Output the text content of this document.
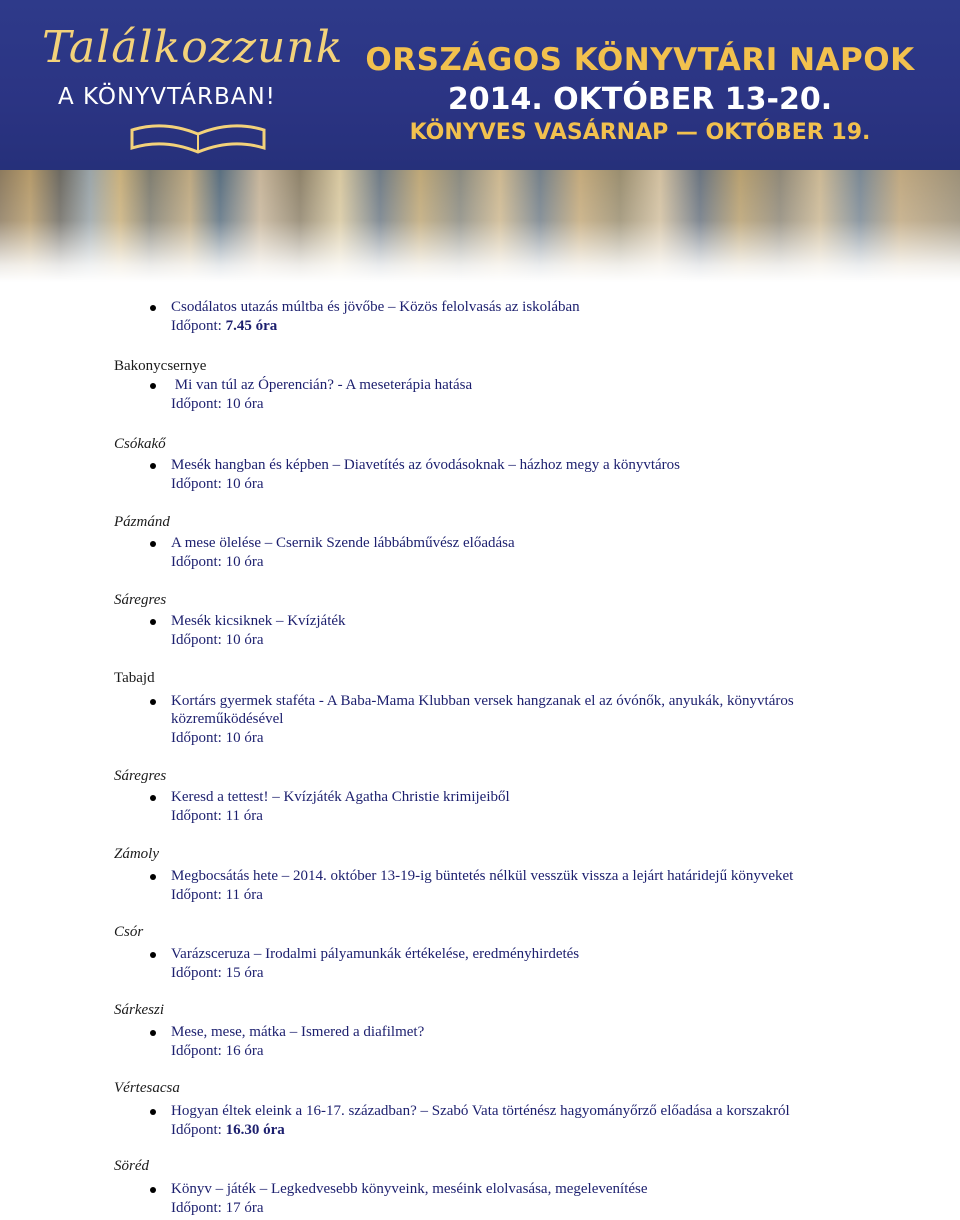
Találkozzunk
A KÖNYVTÁRBAN!
ORSZÁGOS KÖNYVTÁRI NAPOK
2014. OKTÓBER 13-20.
KÖNYVES VASÁRNAP — OKTÓBER 19.
Csodálatos utazás múltba és jövőbe – Közös felolvasás az iskolában
Időpont: 7.45 óra

Bakonycsernye

Mi van túl az Óperencián? - A meseterápia hatása
Időpont: 10 óra

Csókakő

Mesék hangban és képben – Diavetítés az óvodásoknak – házhoz megy a könyvtáros
Időpont: 10 óra

Pázmánd

A mese ölelése – Csernik Szende lábbábművész előadása
Időpont: 10 óra

Sáregres

Mesék kicsiknek – Kvízjáték
Időpont: 10 óra

Tabajd

Kortárs gyermek staféta - A Baba-Mama Klubban versek hangzanak el az óvónők, anyukák, könyvtáros közreműködésével
Időpont: 10 óra

Sáregres

Keresd a tettest! – Kvízjáték Agatha Christie krimijeiből
Időpont: 11 óra

Zámoly

Megbocsátás hete – 2014. október 13-19-ig büntetés nélkül vesszük vissza a lejárt határidejű könyveket
Időpont: 11 óra

Csór

Varázsceruza – Irodalmi pályamunkák értékelése, eredményhirdetés
Időpont: 15 óra

Sárkeszi

Mese, mese, mátka – Ismered a diafilmet?
Időpont: 16 óra

Vértesacsa

Hogyan éltek eleink a 16-17. században? – Szabó Vata történész hagyományőrző előadása a korszakról
Időpont: 16.30 óra

Söréd

Könyv – játék – Legkedvesebb könyveink, meséink elolvasása, megelevenítése
Időpont: 17 óra
